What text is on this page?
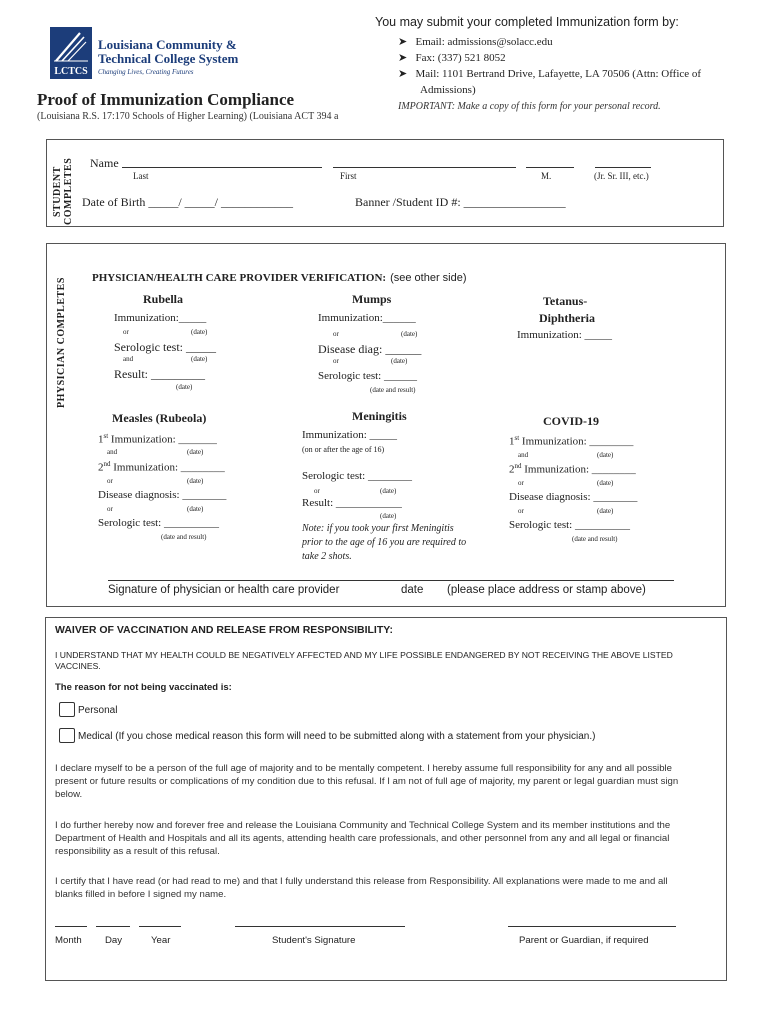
LCTCS
Louisiana Community &
Technical College System
Changing Lives, Creating Futures
You may submit your completed Immunization form by:
➤ Email: admissions@solacc.edu
➤ Fax: (337) 521 8052
➤ Mail: 1101 Bertrand Drive, Lafayette, LA 70506 (Attn: Office of
Admissions)
IMPORTANT: Make a copy of this form for your personal record.
Proof of Immunization Compliance
(Louisiana R.S. 17:170 Schools of Higher Learning) (Louisiana ACT 394 a
STUDENT COMPLETES Name
Last	First	M.	(Jr. Sr. III, etc.)
Date of Birth _____/ _____/ ____________	Banner /Student ID #: _________________
PHYSICIAN COMPLETES PHYSICIAN/HEALTH CARE PROVIDER VERIFICATION: (see other side)
Rubella
Immunization:_____
or	(date)
Serologic test: _____
and	(date)
Result: _________
(date)
Mumps
Immunization:______
or	(date)
Disease diag: ______
or	(date)
Serologic test: ______
(date and result)
Tetanus-
Diphtheria
Immunization: _____
Measles (Rubeola)
1st Immunization: _______
and	(date)
2nd Immunization: ________
or	(date)
Disease diagnosis: ________
or	(date)
Serologic test: __________
(date and result)
Meningitis
Immunization: _____
(on or after the age of 16)
Serologic test: ________
or	(date)
Result: ____________
(date)
Note: if you took your first Meningitis prior to the age of 16 you are required to take 2 shots.
COVID-19
1st Immunization: ________
and	(date)
2nd Immunization: ________
or	(date)
Disease diagnosis: ________
or	(date)
Serologic test: __________
(date and result)
Signature of physician or health care provider	date (please place address or stamp above)
WAIVER OF VACCINATION AND RELEASE FROM RESPONSIBILITY:
I UNDERSTAND THAT MY HEALTH COULD BE NEGATIVELY AFFECTED AND MY LIFE POSSIBLE ENDANGERED BY NOT RECEIVING THE ABOVE LISTED VACCINES.
The reason for not being vaccinated is:
Personal
Medical (If you chose medical reason this form will need to be submitted along with a statement from your physician.)
I declare myself to be a person of the full age of majority and to be mentally competent. I hereby assume full responsibility for any and all possible present or future results or complications of my condition due to this refusal. If I am not of full age of majority, my parent or legal guardian must sign below.
I do further hereby now and forever free and release the Louisiana Community and Technical College System and its member institutions and the Department of Health and Hospitals and all its agents, attending health care professionals, and other personnel from any and all legal or financial responsibility as a result of this refusal.
I certify that I have read (or had read to me) and that I fully understand this release from Responsibility. All explanations were made to me and all blanks filled in before I signed my name.
Month Day	Year	Student's Signature	Parent or Guardian, if required
